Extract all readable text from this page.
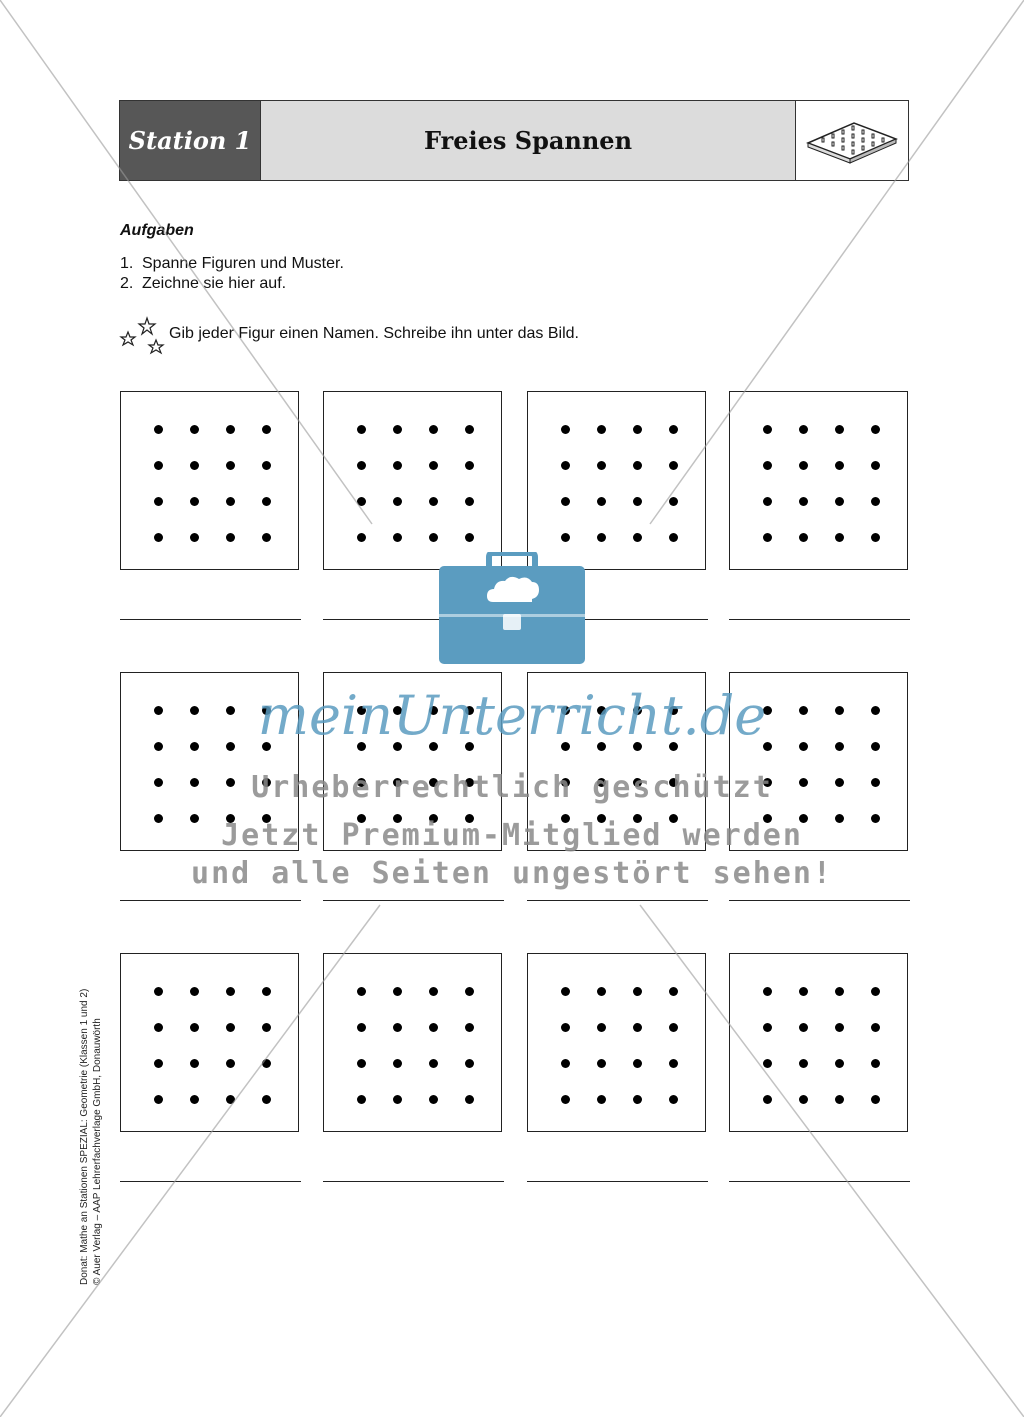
Station 1	Freies Spannen
Aufgaben
1. Spanne Figuren und Muster.
2. Zeichne sie hier auf.
Gib jeder Figur einen Namen. Schreibe ihn unter das Bild.
Donat: Mathe an Stationen SPEZIAL: Geometrie (Klassen 1 und 2) © Auer Verlag – AAP Lehrerfachverlage GmbH, Donauwörth
meinUnterricht.de
Urheberrechtlich geschützt
Jetzt Premium-Mitglied werden
und alle Seiten ungestört sehen!
